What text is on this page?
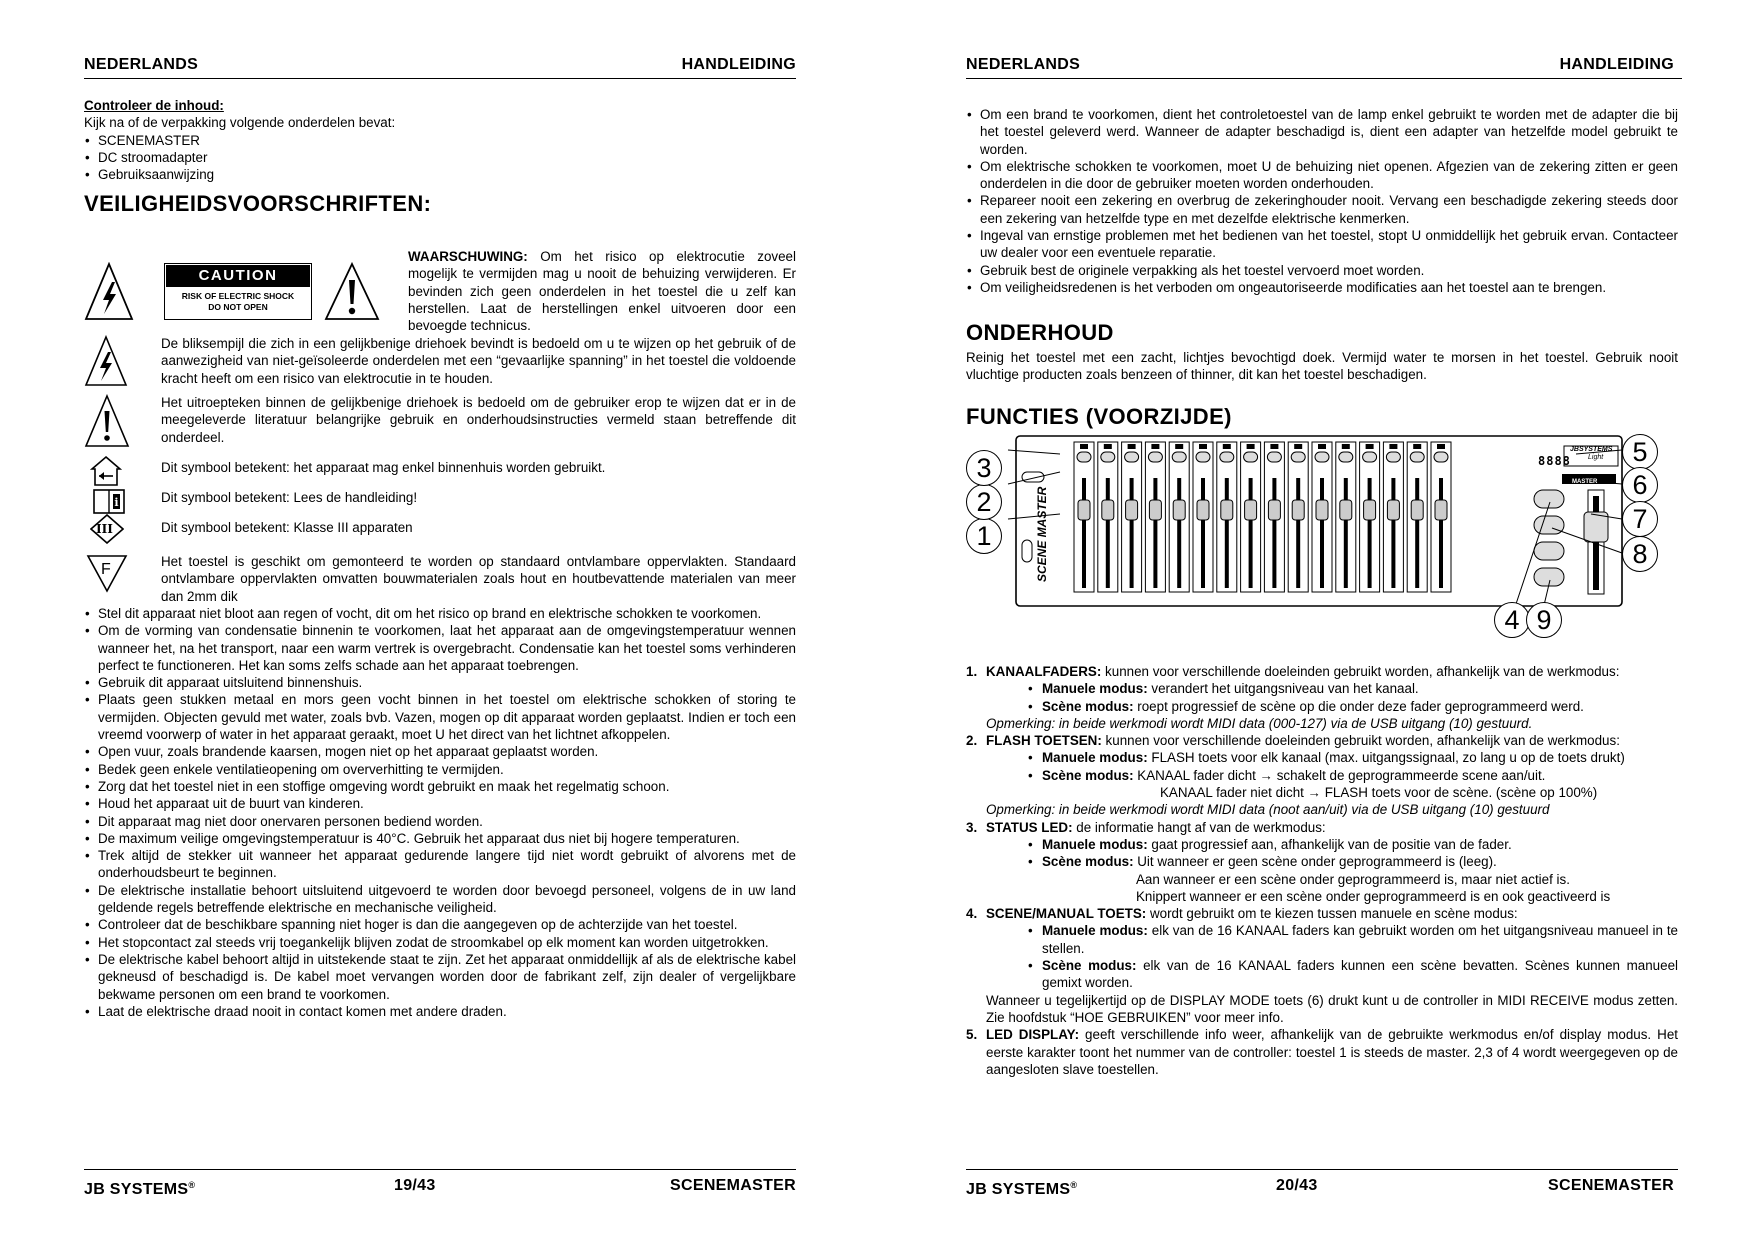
NEDERLANDS	HANDLEIDING
Controleer de inhoud:
Kijk na of de verpakking volgende onderdelen bevat:
• SCENEMASTER
• DC stroomadapter
• Gebruiksaanwijzing
VEILIGHEIDSVOORSCHRIFTEN:
CAUTION
RISK OF ELECTRIC SHOCK
DO NOT OPEN
WAARSCHUWING: Om het risico op elektrocutie zoveel mogelijk te vermijden mag u nooit de behuizing verwijderen. Er bevinden zich geen onderdelen in het toestel die u zelf kan herstellen. Laat de herstellingen enkel uitvoeren door een bevoegde technicus.
De bliksempijl die zich in een gelijkbenige driehoek bevindt is bedoeld om u te wijzen op het gebruik of de aanwezigheid van niet-geïsoleerde onderdelen met een “gevaarlijke spanning” in het toestel die voldoende kracht heeft om een risico van elektrocutie in te houden.
Het uitroepteken binnen de gelijkbenige driehoek is bedoeld om de gebruiker erop te wijzen dat er in de meegeleverde literatuur belangrijke gebruik en onderhoudsinstructies vermeld staan betreffende dit onderdeel.
Dit symbool betekent: het apparaat mag enkel binnenhuis worden gebruikt.
i	Dit symbool betekent: Lees de handleiding!
III	Dit symbool betekent: Klasse III apparaten
F	Het toestel is geschikt om gemonteerd te worden op standaard ontvlambare oppervlakten. Standaard ontvlambare oppervlakten omvatten bouwmaterialen zoals hout en houtbevattende materialen van meer dan 2mm dik
• Stel dit apparaat niet bloot aan regen of vocht, dit om het risico op brand en elektrische schokken te voorkomen.
• Om de vorming van condensatie binnenin te voorkomen, laat het apparaat aan de omgevingstemperatuur wennen wanneer het, na het transport, naar een warm vertrek is overgebracht. Condensatie kan het toestel soms verhinderen perfect te functioneren. Het kan soms zelfs schade aan het apparaat toebrengen.
• Gebruik dit apparaat uitsluitend binnenshuis.
• Plaats geen stukken metaal en mors geen vocht binnen in het toestel om elektrische schokken of storing te vermijden. Objecten gevuld met water, zoals bvb. Vazen, mogen op dit apparaat worden geplaatst. Indien er toch een vreemd voorwerp of water in het apparaat geraakt, moet U het direct van het lichtnet afkoppelen.
• Open vuur, zoals brandende kaarsen, mogen niet op het apparaat geplaatst worden.
• Bedek geen enkele ventilatieopening om oververhitting te vermijden.
• Zorg dat het toestel niet in een stoffige omgeving wordt gebruikt en maak het regelmatig schoon.
• Houd het apparaat uit de buurt van kinderen.
• Dit apparaat mag niet door onervaren personen bediend worden.
• De maximum veilige omgevingstemperatuur is 40°C. Gebruik het apparaat dus niet bij hogere temperaturen.
• Trek altijd de stekker uit wanneer het apparaat gedurende langere tijd niet wordt gebruikt of alvorens met de onderhoudsbeurt te beginnen.
• De elektrische installatie behoort uitsluitend uitgevoerd te worden door bevoegd personeel, volgens de in uw land geldende regels betreffende elektrische en mechanische veiligheid.
• Controleer dat de beschikbare spanning niet hoger is dan die aangegeven op de achterzijde van het toestel.
• Het stopcontact zal steeds vrij toegankelijk blijven zodat de stroomkabel op elk moment kan worden uitgetrokken.
• De elektrische kabel behoort altijd in uitstekende staat te zijn. Zet het apparaat onmiddellijk af als de elektrische kabel gekneusd of beschadigd is. De kabel moet vervangen worden door de fabrikant zelf, zijn dealer of vergelijkbare bekwame personen om een brand te voorkomen.
• Laat de elektrische draad nooit in contact komen met andere draden.
JB SYSTEMS®	19/43	SCENEMASTER
NEDERLANDS	HANDLEIDING
• Om een brand te voorkomen, dient het controletoestel van de lamp enkel gebruikt te worden met de adapter die bij het toestel geleverd werd. Wanneer de adapter beschadigd is, dient een adapter van hetzelfde model gebruikt te worden.
• Om elektrische schokken te voorkomen, moet U de behuizing niet openen. Afgezien van de zekering zitten er geen onderdelen in die door de gebruiker moeten worden onderhouden.
• Repareer nooit een zekering en overbrug de zekeringhouder nooit. Vervang een beschadigde zekering steeds door een zekering van hetzelfde type en met dezelfde elektrische kenmerken.
• Ingeval van ernstige problemen met het bedienen van het toestel, stopt U onmiddellijk het gebruik ervan. Contacteer uw dealer voor een eventuele reparatie.
• Gebruik best de originele verpakking als het toestel vervoerd moet worden.
• Om veiligheidsredenen is het verboden om ongeautoriseerde modificaties aan het toestel aan te brengen.
ONDERHOUD
Reinig het toestel met een zacht, lichtjes bevochtigd doek. Vermijd water te morsen in het toestel. Gebruik nooit vluchtige producten zoals benzeen of thinner, dit kan het toestel beschadigen.
FUNCTIES (VOORZIJDE)
8888
JBSYSTEMS
Light
MASTER
SCENE MASTER
1
2
3
4
5
6
7
8
9
1. KANAALFADERS: kunnen voor verschillende doeleinden gebruikt worden, afhankelijk van de werkmodus:
• Manuele modus: verandert het uitgangsniveau van het kanaal.
• Scène modus: roept progressief de scène op die onder deze fader geprogrammeerd werd.
Opmerking: in beide werkmodi wordt MIDI data (000-127) via de USB uitgang (10) gestuurd.
2. FLASH TOETSEN: kunnen voor verschillende doeleinden gebruikt worden, afhankelijk van de werkmodus:
• Manuele modus: FLASH toets voor elk kanaal (max. uitgangssignaal, zo lang u op de toets drukt)
• Scène modus: KANAAL fader dicht → schakelt de geprogrammeerde scene aan/uit.
KANAAL fader niet dicht → FLASH toets voor de scène. (scène op 100%)
Opmerking: in beide werkmodi wordt MIDI data (noot aan/uit) via de USB uitgang (10) gestuurd
3. STATUS LED: de informatie hangt af van de werkmodus:
• Manuele modus: gaat progressief aan, afhankelijk van de positie van de fader.
• Scène modus: Uit wanneer er geen scène onder geprogrammeerd is (leeg).
Aan wanneer er een scène onder geprogrammeerd is, maar niet actief is.
Knippert wanneer er een scène onder geprogrammeerd is en ook geactiveerd is
4. SCENE/MANUAL TOETS: wordt gebruikt om te kiezen tussen manuele en scène modus:
• Manuele modus: elk van de 16 KANAAL faders kan gebruikt worden om het uitgangsniveau manueel in te stellen.
• Scène modus: elk van de 16 KANAAL faders kunnen een scène bevatten. Scènes kunnen manueel gemixt worden.
Wanneer u tegelijkertijd op de DISPLAY MODE toets (6) drukt kunt u de controller in MIDI RECEIVE modus zetten. Zie hoofdstuk “HOE GEBRUIKEN” voor meer info.
5. LED DISPLAY: geeft verschillende info weer, afhankelijk van de gebruikte werkmodus en/of display modus. Het eerste karakter toont het nummer van de controller: toestel 1 is steeds de master. 2,3 of 4 wordt weergegeven op de aangesloten slave toestellen.
JB SYSTEMS®	20/43	SCENEMASTER
